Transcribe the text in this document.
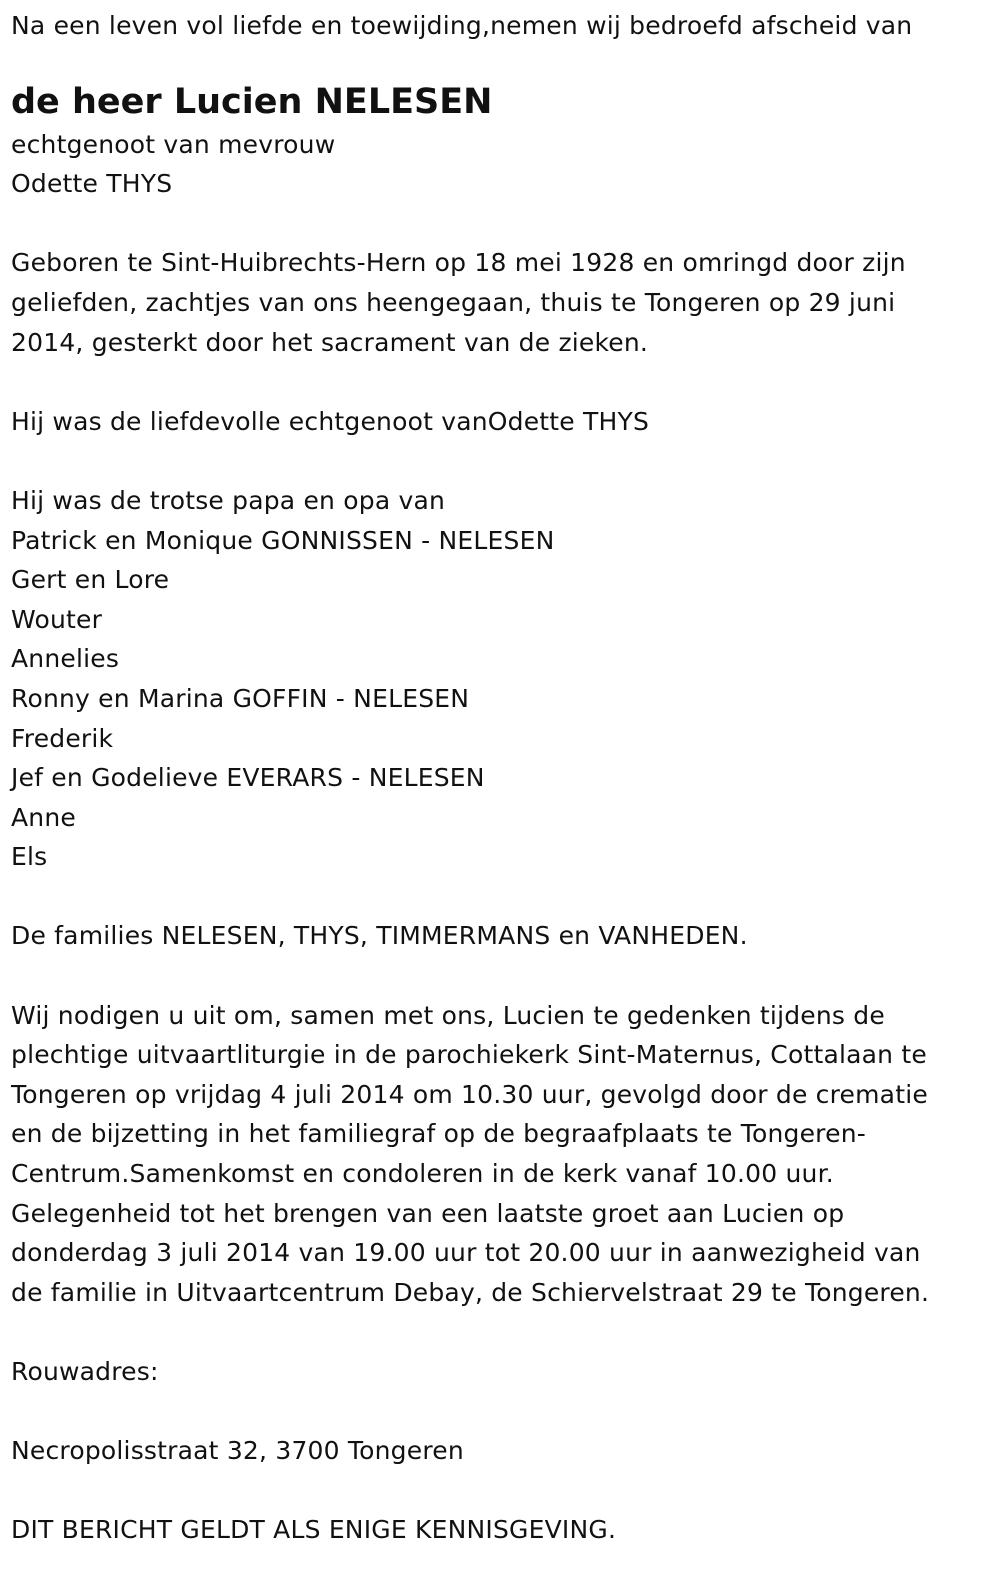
Na een leven vol liefde en toewijding,nemen wij bedroefd afscheid van
de heer Lucien NELESEN
echtgenoot van mevrouw
Odette THYS
Geboren te Sint-Huibrechts-Hern op 18 mei 1928 en omringd door zijn
geliefden, zachtjes van ons heengegaan, thuis te Tongeren op 29 juni
2014, gesterkt door het sacrament van de zieken.
Hij was de liefdevolle echtgenoot vanOdette THYS
Hij was de trotse papa en opa van
Patrick en Monique GONNISSEN - NELESEN
Gert en Lore
Wouter
Annelies
Ronny en Marina GOFFIN - NELESEN
Frederik
Jef en Godelieve EVERARS - NELESEN
Anne
Els
De families NELESEN, THYS, TIMMERMANS en VANHEDEN.
Wij nodigen u uit om, samen met ons, Lucien te gedenken tijdens de
plechtige uitvaartliturgie in de parochiekerk Sint-Maternus, Cottalaan te
Tongeren op vrijdag 4 juli 2014 om 10.30 uur, gevolgd door de crematie
en de bijzetting in het familiegraf op de begraafplaats te Tongeren-
Centrum.Samenkomst en condoleren in de kerk vanaf 10.00 uur.
Gelegenheid tot het brengen van een laatste groet aan Lucien op
donderdag 3 juli 2014 van 19.00 uur tot 20.00 uur in aanwezigheid van
de familie in Uitvaartcentrum Debay, de Schiervelstraat 29 te Tongeren.
Rouwadres:
Necropolisstraat 32, 3700 Tongeren
DIT BERICHT GELDT ALS ENIGE KENNISGEVING.
